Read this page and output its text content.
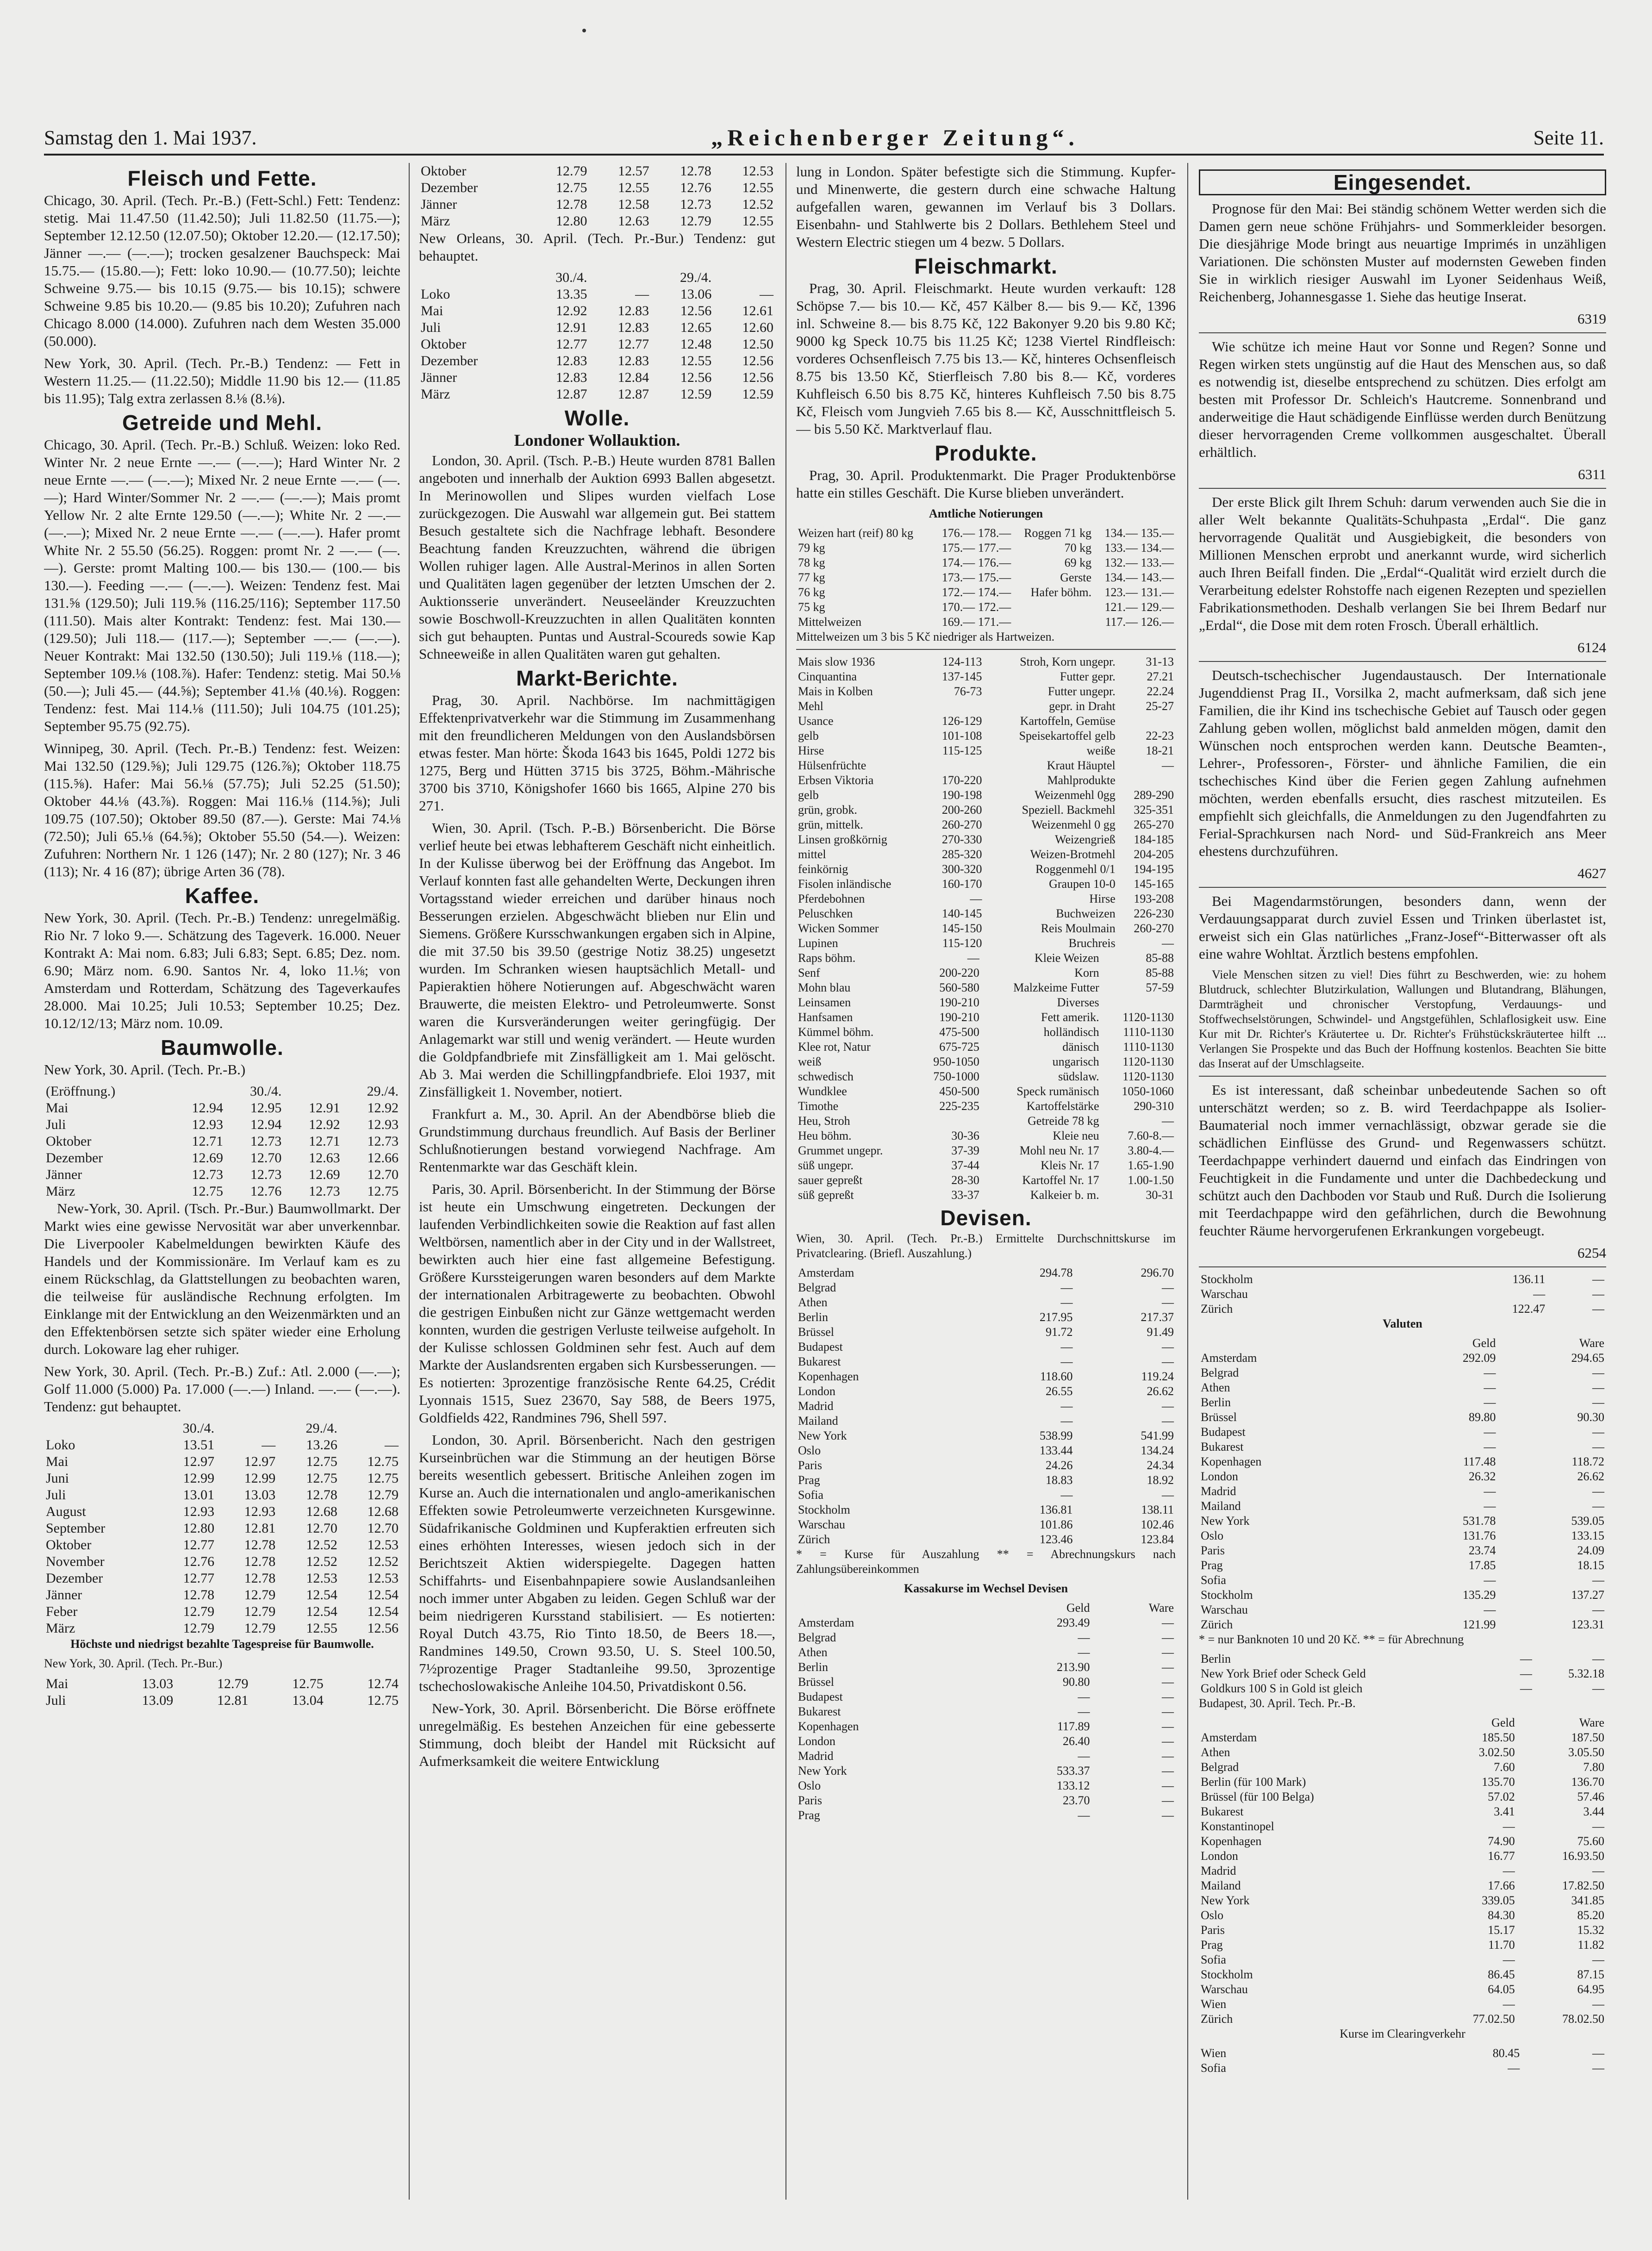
Samstag den 1. Mai 1937.	„Reichenberger Zeitung“.	Seite 11.
Fleisch und Fette.

Chicago, 30. April. (Tech. Pr.-B.) (Fett-Schl.) Fett: Tendenz: stetig. Mai 11.47.50 (11.42.50); Juli 11.82.50 (11.75.—); September 12.12.50 (12.07.50); Oktober 12.20.— (12.17.50); Jänner —.— (—.—); trocken gesalzener Bauchspeck: Mai 15.75.— (15.80.—); Fett: loko 10.90.— (10.77.50); leichte Schweine 9.75.— bis 10.15 (9.75.— bis 10.15); schwere Schweine 9.85 bis 10.20.— (9.85 bis 10.20); Zufuhren nach Chicago 8.000 (14.000). Zufuhren nach dem Westen 35.000 (50.000).

New York, 30. April. (Tech. Pr.-B.) Tendenz: — Fett in Western 11.25.— (11.22.50); Middle 11.90 bis 12.— (11.85 bis 11.95); Talg extra zerlassen 8.⅛ (8.⅛).

Getreide und Mehl.

Chicago, 30. April. (Tech. Pr.-B.) Schluß. Weizen: loko Red. Winter Nr. 2 neue Ernte —.— (—.—); Hard Winter Nr. 2 neue Ernte —.— (—.—); Mixed Nr. 2 neue Ernte —.— (—.—); Hard Winter/Sommer Nr. 2 —.— (—.—); Mais promt Yellow Nr. 2 alte Ernte 129.50 (—.—); White Nr. 2 —.— (—.—); Mixed Nr. 2 neue Ernte —.— (—.—). Hafer promt White Nr. 2 55.50 (56.25). Roggen: promt Nr. 2 —.— (—.—). Gerste: promt Malting 100.— bis 130.— (100.— bis 130.—). Feeding —.— (—.—). Weizen: Tendenz fest. Mai 131.⅝ (129.50); Juli 119.⅝ (116.25/116); September 117.50 (111.50). Mais alter Kontrakt: Tendenz: fest. Mai 130.— (129.50); Juli 118.— (117.—); September —.— (—.—). Neuer Kontrakt: Mai 132.50 (130.50); Juli 119.⅛ (118.—); September 109.⅛ (108.⅞). Hafer: Tendenz: stetig. Mai 50.⅛ (50.—); Juli 45.— (44.⅝); September 41.⅛ (40.⅛). Roggen: Tendenz: fest. Mai 114.⅛ (111.50); Juli 104.75 (101.25); September 95.75 (92.75).

Winnipeg, 30. April. (Tech. Pr.-B.) Tendenz: fest. Weizen: Mai 132.50 (129.⅝); Juli 129.75 (126.⅞); Oktober 118.75 (115.⅝). Hafer: Mai 56.⅛ (57.75); Juli 52.25 (51.50); Oktober 44.⅛ (43.⅞). Roggen: Mai 116.⅛ (114.⅝); Juli 109.75 (107.50); Oktober 89.50 (87.—). Gerste: Mai 74.⅛ (72.50); Juli 65.⅛ (64.⅝); Oktober 55.50 (54.—). Weizen: Zufuhren: Northern Nr. 1 126 (147); Nr. 2 80 (127); Nr. 3 46 (113); Nr. 4 16 (87); übrige Arten 36 (78).

Kaffee.

New York, 30. April. (Tech. Pr.-B.) Tendenz: unregelmäßig. Rio Nr. 7 loko 9.—. Schätzung des Tageverk. 16.000. Neuer Kontrakt A: Mai nom. 6.83; Juli 6.83; Sept. 6.85; Dez. nom. 6.90; März nom. 6.90. Santos Nr. 4, loko 11.⅛; von Amsterdam und Rotterdam, Schätzung des Tageverkaufes 28.000. Mai 10.25; Juli 10.53; September 10.25; Dez. 10.12/12/13; März nom. 10.09.

Baumwolle.

New York, 30. April. (Tech. Pr.-B.)

(Eröffnung.)	30./4.		29./4.	
Mai	12.94	12.95	12.91	12.92
Juli	12.93	12.94	12.92	12.93
Oktober	12.71	12.73	12.71	12.73
Dezember	12.69	12.70	12.63	12.66
Jänner	12.73	12.73	12.69	12.70
März	12.75	12.76	12.73	12.75

New-York, 30. April. (Tsch. Pr.-Bur.) Baumwollmarkt. Der Markt wies eine gewisse Nervosität war aber unverkennbar. Die Liverpooler Kabelmeldungen bewirkten Käufe des Handels und der Kommissionäre. Im Verlauf kam es zu einem Rückschlag, da Glattstellungen zu beobachten waren, die teilweise für ausländische Rechnung erfolgten. Im Einklange mit der Entwicklung an den Weizenmärkten und an den Effektenbörsen setzte sich später wieder eine Erholung durch. Lokoware lag eher ruhiger.

New York, 30. April. (Tech. Pr.-B.) Zuf.: Atl. 2.000 (—.—); Golf 11.000 (5.000) Pa. 17.000 (—.—) Inland. —.— (—.—). Tendenz: gut behauptet.

	30./4.		29./4.	
Loko	13.51	—	13.26	—
Mai	12.97	12.97	12.75	12.75
Juni	12.99	12.99	12.75	12.75
Juli	13.01	13.03	12.78	12.79
August	12.93	12.93	12.68	12.68
September	12.80	12.81	12.70	12.70
Oktober	12.77	12.78	12.52	12.53
November	12.76	12.78	12.52	12.52
Dezember	12.77	12.78	12.53	12.53
Jänner	12.78	12.79	12.54	12.54
Feber	12.79	12.79	12.54	12.54
März	12.79	12.79	12.55	12.56

Höchste und niedrigst bezahlte Tagespreise für Baumwolle.

New York, 30. April. (Tech. Pr.-Bur.)

Mai	13.03	12.79	12.75	12.74
Juli	13.09	12.81	13.04	12.75
Oktober	12.79	12.57	12.78	12.53
Dezember	12.75	12.55	12.76	12.55
Jänner	12.78	12.58	12.73	12.52
März	12.80	12.63	12.79	12.55

New Orleans, 30. April. (Tech. Pr.-Bur.) Tendenz: gut behauptet.

	30./4.		29./4.	
Loko	13.35	—	13.06	—
Mai	12.92	12.83	12.56	12.61
Juli	12.91	12.83	12.65	12.60
Oktober	12.77	12.77	12.48	12.50
Dezember	12.83	12.83	12.55	12.56
Jänner	12.83	12.84	12.56	12.56
März	12.87	12.87	12.59	12.59
Wolle.
Londoner Wollauktion.

London, 30. April. (Tsch. P.-B.) Heute wurden 8781 Ballen angeboten und innerhalb der Auktion 6993 Ballen abgesetzt. In Merinowollen und Slipes wurden vielfach Lose zurückgezogen. Die Auswahl war allgemein gut. Bei stattem Besuch gestaltete sich die Nachfrage lebhaft. Besondere Beachtung fanden Kreuzzuchten, während die übrigen Wollen ruhiger lagen. Alle Austral-Merinos in allen Sorten und Qualitäten lagen gegenüber der letzten Umschen der 2. Auktionsserie unverändert. Neuseeländer Kreuzzuchten sowie Boschwoll-Kreuzzuchten in allen Qualitäten konnten sich gut behaupten. Puntas und Austral-Scoureds sowie Kap Schneeweiße in allen Qualitäten waren gut gehalten.

Markt-Berichte.

Prag, 30. April. Nachbörse. Im nachmittägigen Effektenprivatverkehr war die Stimmung im Zusammenhang mit den freundlicheren Meldungen von den Auslandsbörsen etwas fester. Man hörte: Škoda 1643 bis 1645, Poldi 1272 bis 1275, Berg und Hütten 3715 bis 3725, Böhm.-Mährische 3700 bis 3710, Königshofer 1660 bis 1665, Alpine 270 bis 271.

Wien, 30. April. (Tsch. P.-B.) Börsenbericht. Die Börse verlief heute bei etwas lebhafterem Geschäft nicht einheitlich. In der Kulisse überwog bei der Eröffnung das Angebot. Im Verlauf konnten fast alle gehandelten Werte, Deckungen ihren Vortagsstand wieder erreichen und darüber hinaus noch Besserungen erzielen. Abgeschwächt blieben nur Elin und Siemens. Größere Kursschwankungen ergaben sich in Alpine, die mit 37.50 bis 39.50 (gestrige Notiz 38.25) ungesetzt wurden. Im Schranken wiesen hauptsächlich Metall- und Papieraktien höhere Notierungen auf. Abgeschwächt waren Brauwerte, die meisten Elektro- und Petroleumwerte. Sonst waren die Kursveränderungen weiter geringfügig. Der Anlagemarkt war still und wenig verändert. — Heute wurden die Goldpfandbriefe mit Zinsfälligkeit am 1. Mai gelöscht. Ab 3. Mai werden die Schillingpfandbriefe. Eloi 1937, mit Zinsfälligkeit 1. November, notiert.

Frankfurt a. M., 30. April. An der Abendbörse blieb die Grundstimmung durchaus freundlich. Auf Basis der Berliner Schlußnotierungen bestand vorwiegend Nachfrage. Am Rentenmarkte war das Geschäft klein.

Paris, 30. April. Börsenbericht. In der Stimmung der Börse ist heute ein Umschwung eingetreten. Deckungen der laufenden Verbindlichkeiten sowie die Reaktion auf fast allen Weltbörsen, namentlich aber in der City und in der Wallstreet, bewirkten auch hier eine fast allgemeine Befestigung. Größere Kurssteigerungen waren besonders auf dem Markte der internationalen Arbitragewerte zu beobachten. Obwohl die gestrigen Einbußen nicht zur Gänze wettgemacht werden konnten, wurden die gestrigen Verluste teilweise aufgeholt. In der Kulisse schlossen Goldminen sehr fest. Auch auf dem Markte der Auslandsrenten ergaben sich Kursbesserungen. — Es notierten: 3prozentige französische Rente 64.25, Crédit Lyonnais 1515, Suez 23670, Say 588, de Beers 1975, Goldfields 422, Randmines 796, Shell 597.

London, 30. April. Börsenbericht. Nach den gestrigen Kurseinbrüchen war die Stimmung an der heutigen Börse bereits wesentlich gebessert. Britische Anleihen zogen im Kurse an. Auch die internationalen und anglo-amerikanischen Effekten sowie Petroleumwerte verzeichneten Kursgewinne. Südafrikanische Goldminen und Kupferaktien erfreuten sich eines erhöhten Interesses, wiesen jedoch sich in der Berichtszeit Aktien widerspiegelte. Dagegen hatten Schiffahrts- und Eisenbahnpapiere sowie Auslandsanleihen noch immer unter Abgaben zu leiden. Gegen Schluß war der beim niedrigeren Kursstand stabilisiert. — Es notierten: Royal Dutch 43.75, Rio Tinto 18.50, de Beers 18.—, Randmines 149.50, Crown 93.50, U. S. Steel 100.50, 7½prozentige Prager Stadtanleihe 99.50, 3prozentige tschechoslowakische Anleihe 104.50, Privatdiskont 0.56.

New-York, 30. April. Börsenbericht. Die Börse eröffnete unregelmäßig. Es bestehen Anzeichen für eine gebesserte Stimmung, doch bleibt der Handel mit Rücksicht auf Aufmerksamkeit die weitere Entwicklung

lung in London. Später befestigte sich die Stimmung. Kupfer- und Minenwerte, die gestern durch eine schwache Haltung aufgefallen waren, gewannen im Verlauf bis 3 Dollars. Eisenbahn- und Stahlwerte bis 2 Dollars. Bethlehem Steel und Western Electric stiegen um 4 bezw. 5 Dollars.

Fleischmarkt.

Prag, 30. April. Fleischmarkt. Heute wurden verkauft: 128 Schöpse 7.— bis 10.— Kč, 457 Kälber 8.— bis 9.— Kč, 1396 inl. Schweine 8.— bis 8.75 Kč, 122 Bakonyer 9.20 bis 9.80 Kč; 9000 kg Speck 10.75 bis 11.25 Kč; 1238 Viertel Rindfleisch: vorderes Ochsenfleisch 7.75 bis 13.— Kč, hinteres Ochsenfleisch 8.75 bis 13.50 Kč, Stierfleisch 7.80 bis 8.— Kč, vorderes Kuhfleisch 6.50 bis 8.75 Kč, hinteres Kuhfleisch 7.50 bis 8.75 Kč, Fleisch vom Jungvieh 7.65 bis 8.— Kč, Ausschnittfleisch 5.— bis 5.50 Kč. Marktverlauf flau.

Produkte.

Prag, 30. April. Produktenmarkt. Die Prager Produktenbörse hatte ein stilles Geschäft. Die Kurse blieben unverändert.

Amtliche Notierungen

Weizen hart (reif) 80 kg	176.— 178.—	Roggen 71 kg	134.— 135.—
79 kg	175.— 177.—	70 kg	133.— 134.—
78 kg	174.— 176.—	69 kg	132.— 133.—
77 kg	173.— 175.—	Gerste	134.— 143.—
76 kg	172.— 174.—	Hafer böhm.	123.— 131.—
75 kg	170.— 172.—		121.— 129.—
Mittelweizen	169.— 171.—		117.— 126.—

Mittelweizen um 3 bis 5 Kč niedriger als Hartweizen.

Mais slow 1936	124-113	Stroh, Korn ungepr.	31-13
Cinquantina	137-145	Futter gepr.	27.21
Mais in Kolben	76-73	Futter ungepr.	22.24
Mehl		gepr. in Draht	25-27
Usance	126-129	Kartoffeln, Gemüse	
gelb	101-108	Speisekartoffel gelb	22-23
Hirse	115-125	weiße	18-21
Hülsenfrüchte		Kraut Häuptel	—
Erbsen Viktoria	170-220	Mahlprodukte	
gelb	190-198	Weizenmehl 0gg	289-290
grün, grobk.	200-260	Speziell. Backmehl	325-351
grün, mittelk.	260-270	Weizenmehl 0 gg	265-270
Linsen großkörnig	270-330	Weizengrieß	184-185
mittel	285-320	Weizen-Brotmehl	204-205
feinkörnig	300-320	Roggenmehl 0/1	194-195
Fisolen inländische	160-170	Graupen 10-0	145-165
Pferdebohnen	—	Hirse	193-208
Peluschken	140-145	Buchweizen	226-230
Wicken Sommer	145-150	Reis Moulmain	260-270
Lupinen	115-120	Bruchreis	—
Raps böhm.	—	Kleie Weizen	85-88
Senf	200-220	Korn	85-88
Mohn blau	560-580	Malzkeime Futter	57-59
Leinsamen	190-210	Diverses	
Hanfsamen	190-210	Fett amerik.	1120-1130
Kümmel böhm.	475-500	holländisch	1110-1130
Klee rot, Natur	675-725	dänisch	1110-1130
weiß	950-1050	ungarisch	1120-1130
schwedisch	750-1000	südslaw.	1120-1130
Wundklee	450-500	Speck rumänisch	1050-1060
Timothe	225-235	Kartoffelstärke	290-310
Heu, Stroh		Getreide 78 kg	—
Heu böhm.	30-36	Kleie neu	7.60-8.—
Grummet ungepr.	37-39	Mohl neu Nr. 17	3.80-4.—
süß ungepr.	37-44	Kleis Nr. 17	1.65-1.90
sauer gepreßt	28-30	Kartoffel Nr. 17	1.00-1.50
süß gepreßt	33-37	Kalkeier b. m.	30-31
Devisen.

Wien, 30. April. (Tech. Pr.-B.) Ermittelte Durchschnittskurse im Privatclearing. (Briefl. Auszahlung.)

Amsterdam	294.78	296.70
Belgrad	—	—
Athen	—	—
Berlin	217.95	217.37
Brüssel	91.72	91.49
Budapest	—	—
Bukarest	—	—
Kopenhagen	118.60	119.24
London	26.55	26.62
Madrid	—	—
Mailand	—	—
New York	538.99	541.99
Oslo	133.44	134.24
Paris	24.26	24.34
Prag	18.83	18.92
Sofia	—	—
Stockholm	136.81	138.11
Warschau	101.86	102.46
Zürich	123.46	123.84

* = Kurse für Auszahlung ** = Abrechnungskurs nach Zahlungsübereinkommen

Kassakurse im Wechsel Devisen

	Geld	Ware
Amsterdam	293.49	—
Belgrad	—	—
Athen	—	—
Berlin	213.90	—
Brüssel	90.80	—
Budapest	—	—
Bukarest	—	—
Kopenhagen	117.89	—
London	26.40	—
Madrid	—	—
New York	533.37	—
Oslo	133.12	—
Paris	23.70	—
Prag	—	—
Eingesendet.

Prognose für den Mai: Bei ständig schönem Wetter werden sich die Damen gern neue schöne Frühjahrs- und Sommerkleider besorgen. Die diesjährige Mode bringt aus neuartige Imprimés in unzähligen Variationen. Die schönsten Muster auf modernsten Geweben finden Sie in wirklich riesiger Auswahl im Lyoner Seidenhaus Weiß, Reichenberg, Johannesgasse 1. Siehe das heutige Inserat.

6319

Wie schütze ich meine Haut vor Sonne und Regen? Sonne und Regen wirken stets ungünstig auf die Haut des Menschen aus, so daß es notwendig ist, dieselbe entsprechend zu schützen. Dies erfolgt am besten mit Professor Dr. Schleich's Hautcreme. Sonnenbrand und anderweitige die Haut schädigende Einflüsse werden durch Benützung dieser hervorragenden Creme vollkommen ausgeschaltet. Überall erhältlich.

6311

Der erste Blick gilt Ihrem Schuh: darum verwenden auch Sie die in aller Welt bekannte Qualitäts-Schuhpasta „Erdal“. Die ganz hervorragende Qualität und Ausgiebigkeit, die besonders von Millionen Menschen erprobt und anerkannt wurde, wird sicherlich auch Ihren Beifall finden. Die „Erdal“-Qualität wird erzielt durch die Verarbeitung edelster Rohstoffe nach eigenen Rezepten und speziellen Fabrikationsmethoden. Deshalb verlangen Sie bei Ihrem Bedarf nur „Erdal“, die Dose mit dem roten Frosch. Überall erhältlich.

6124

Deutsch-tschechischer Jugendaustausch. Der Internationale Jugenddienst Prag II., Vorsilka 2, macht aufmerksam, daß sich jene Familien, die ihr Kind ins tschechische Gebiet auf Tausch oder gegen Zahlung geben wollen, möglichst bald anmelden mögen, damit den Wünschen noch entsprochen werden kann. Deutsche Beamten-, Lehrer-, Professoren-, Förster- und ähnliche Familien, die ein tschechisches Kind über die Ferien gegen Zahlung aufnehmen möchten, werden ebenfalls ersucht, dies raschest mitzuteilen. Es empfiehlt sich gleichfalls, die Anmeldungen zu den Jugendfahrten zu Ferial-Sprachkursen nach Nord- und Süd-Frankreich ans Meer ehestens durchzuführen.

4627

Bei Magendarmstörungen, besonders dann, wenn der Verdauungsapparat durch zuviel Essen und Trinken überlastet ist, erweist sich ein Glas natürliches „Franz-Josef“-Bitterwasser oft als eine wahre Wohltat. Ärztlich bestens empfohlen.

Viele Menschen sitzen zu viel! Dies führt zu Beschwerden, wie: zu hohem Blutdruck, schlechter Blutzirkulation, Wallungen und Blutandrang, Blähungen, Darmträgheit und chronischer Verstopfung, Verdauungs- und Stoffwechselstörungen, Schwindel- und Angstgefühlen, Schlaflosigkeit usw. Eine Kur mit Dr. Richter's Kräutertee u. Dr. Richter's Frühstückskräutertee hilft ... Verlangen Sie Prospekte und das Buch der Hoffnung kostenlos. Beachten Sie bitte das Inserat auf der Umschlagseite.

Es ist interessant, daß scheinbar unbedeutende Sachen so oft unterschätzt werden; so z. B. wird Teerdachpappe als Isolier-Baumaterial noch immer vernachlässigt, obzwar gerade sie die schädlichen Einflüsse des Grund- und Regenwassers schützt. Teerdachpappe verhindert dauernd und einfach das Eindringen von Feuchtigkeit in die Fundamente und unter die Dachbedeckung und schützt auch den Dachboden vor Staub und Ruß. Durch die Isolierung mit Teerdachpappe wird den gefährlichen, durch die Bewohnung feuchter Räume hervorgerufenen Erkrankungen vorgebeugt.

6254
Stockholm	136.11	—
Warschau	—	—
Zürich	122.47	—

Valuten

	Geld	Ware
Amsterdam	292.09	294.65
Belgrad	—	—
Athen	—	—
Berlin	—	—
Brüssel	89.80	90.30
Budapest	—	—
Bukarest	—	—
Kopenhagen	117.48	118.72
London	26.32	26.62
Madrid	—	—
Mailand	—	—
New York	531.78	539.05
Oslo	131.76	133.15
Paris	23.74	24.09
Prag	17.85	18.15
Sofia	—	—
Stockholm	135.29	137.27
Warschau	—	—
Zürich	121.99	123.31

* = nur Banknoten 10 und 20 Kč. ** = für Abrechnung

Berlin	—	—
New York Brief oder Scheck Geld	—	5.32.18
Goldkurs 100 S in Gold ist gleich	—	—

Budapest, 30. April. Tech. Pr.-B.

	Geld	Ware
Amsterdam	185.50	187.50
Athen	3.02.50	3.05.50
Belgrad	7.60	7.80
Berlin (für 100 Mark)	135.70	136.70
Brüssel (für 100 Belga)	57.02	57.46
Bukarest	3.41	3.44
Konstantinopel	—	—
Kopenhagen	74.90	75.60
London	16.77	16.93.50
Madrid	—	—
Mailand	17.66	17.82.50
New York	339.05	341.85
Oslo	84.30	85.20
Paris	15.17	15.32
Prag	11.70	11.82
Sofia	—	—
Stockholm	86.45	87.15
Warschau	64.05	64.95
Wien	—	—
Zürich	77.02.50	78.02.50

Kurse im Clearingverkehr

Wien	80.45	—
Sofia	—	—
